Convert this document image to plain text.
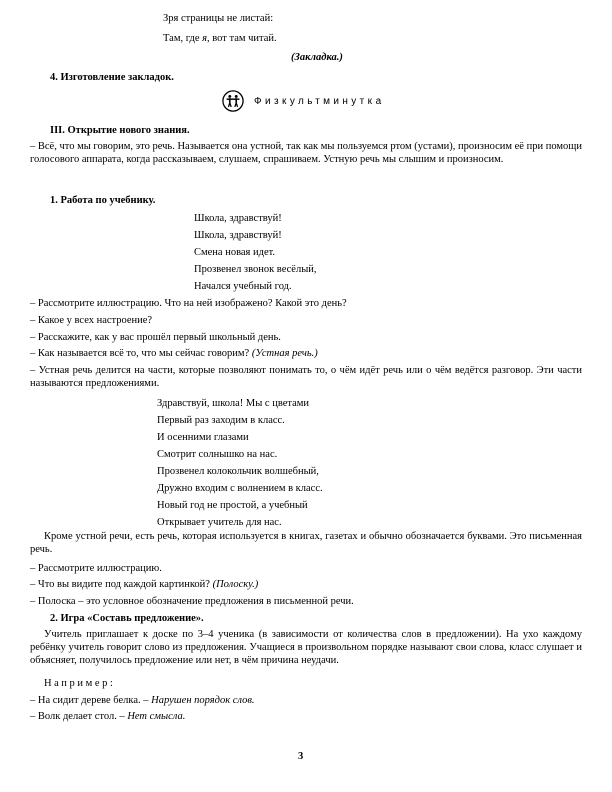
Зря страницы не листай:
Там, где я, вот там читай.
(Закладка.)
4. Изготовление закладок.
Физкультминутка
III. Открытие нового знания.
– Всё, что мы говорим, это речь. Называется она устной, так как мы пользуемся ртом (устами), произносим её при помощи голосового аппарата, когда рассказываем, слушаем, спрашиваем. Устную речь мы слышим и произносим.
1. Работа по учебнику.
Школа, здравствуй!
Школа, здравствуй!
Смена новая идет.
Прозвенел звонок весёлый,
Начался учебный год.
– Рассмотрите иллюстрацию. Что на ней изображено? Какой это день?
– Какое у всех настроение?
– Расскажите, как у вас прошёл первый школьный день.
– Как называется всё то, что мы сейчас говорим? (Устная речь.)
– Устная речь делится на части, которые позволяют понимать то, о чём идёт речь или о чём ведётся разговор. Эти части называются предложениями.
Здравствуй, школа! Мы с цветами
Первый раз заходим в класс.
И осенними глазами
Смотрит солнышко на нас.
Прозвенел колокольчик волшебный,
Дружно входим с волнением в класс.
Новый год не простой, а учебный
Открывает учитель для нас.
Кроме устной речи, есть речь, которая используется в книгах, газетах и обычно обозначается буквами. Это письменная речь.
– Рассмотрите иллюстрацию.
– Что вы видите под каждой картинкой? (Полоску.)
– Полоска – это условное обозначение предложения в письменной речи.
2. Игра «Составь предложение».
Учитель приглашает к доске по 3–4 ученика (в зависимости от количества слов в предложении). На ухо каждому ребёнку учитель говорит слово из предложения. Учащиеся в произвольном порядке называют свои слова, класс слушает и объясняет, получилось предложение или нет, в чём причина неудачи.
Например:
– На сидит дереве белка. – Нарушен порядок слов.
– Волк делает стол. – Нет смысла.
3
